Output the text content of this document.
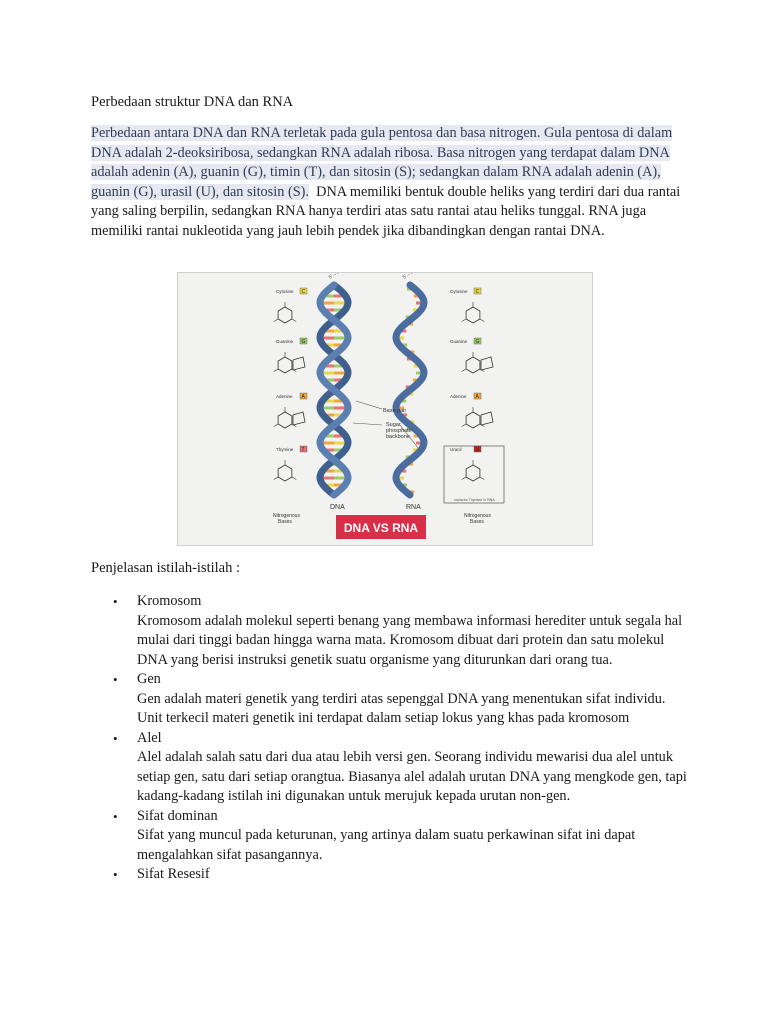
Perbedaan struktur DNA dan RNA
Perbedaan antara DNA dan RNA terletak pada gula pentosa dan basa nitrogen. Gula pentosa di dalam DNA adalah 2-deoksiribosa, sedangkan RNA adalah ribosa. Basa nitrogen yang terdapat dalam DNA adalah adenin (A), guanin (G), timin (T), dan sitosin (S); sedangkan dalam RNA adalah adenin (A), guanin (G), urasil (U), dan sitosin (S).  DNA memiliki bentuk double heliks yang terdiri dari dua rantai yang saling berpilin, sedangkan RNA hanya terdiri atas satu rantai atau heliks tunggal. RNA juga memiliki rantai nukleotida yang jauh lebih pendek jika dibandingkan dengan rantai DNA.
5'→3'	5'→3'
Base pair
Sugar
phosphate
backbone
DNA	RNA
Nitrogenous
Bases
Nitrogenous
Bases
replaces Thymine in RNA
Cytosine C
Guanine G
Adenine A
Thymine T
Cytosine C
Guanine G
Adenine A
Uracil	U
DNA VS RNA
Penjelasan istilah-istilah :
• Kromosom
Kromosom adalah molekul seperti benang yang membawa informasi herediter untuk segala hal mulai dari tinggi badan hingga warna mata. Kromosom dibuat dari protein dan satu molekul DNA yang berisi instruksi genetik suatu organisme yang diturunkan dari orang tua.
• Gen
Gen adalah materi genetik yang terdiri atas sepenggal DNA yang menentukan sifat individu. Unit terkecil materi genetik ini terdapat dalam setiap lokus yang khas pada kromosom
• Alel
Alel adalah salah satu dari dua atau lebih versi gen. Seorang individu mewarisi dua alel untuk setiap gen, satu dari setiap orangtua. Biasanya alel adalah urutan DNA yang mengkode gen, tapi kadang-kadang istilah ini digunakan untuk merujuk kepada urutan non-gen.
• Sifat dominan
Sifat yang muncul pada keturunan, yang artinya dalam suatu perkawinan sifat ini dapat mengalahkan sifat pasangannya.
• Sifat Resesif
